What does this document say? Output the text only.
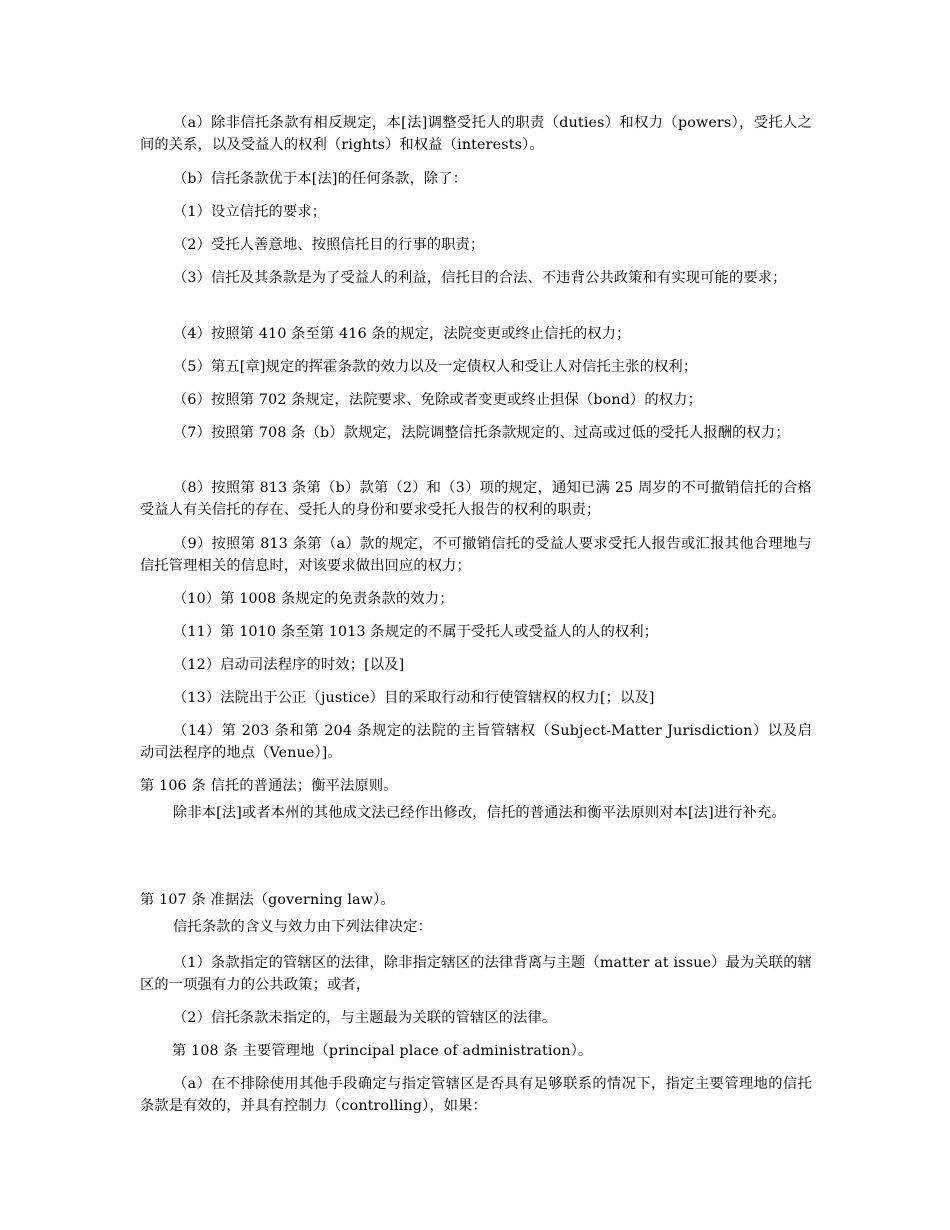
（a）除非信托条款有相反规定，本[法]调整受托人的职责（duties）和权力（powers），受托人之间的关系，以及受益人的权利（rights）和权益（interests）。

（b）信托条款优于本[法]的任何条款，除了：

（1）设立信托的要求；

（2）受托人善意地、按照信托目的行事的职责；

（3）信托及其条款是为了受益人的利益，信托目的合法、不违背公共政策和有实现可能的要求；

（4）按照第 410 条至第 416 条的规定，法院变更或终止信托的权力；

（5）第五[章]规定的挥霍条款的效力以及一定债权人和受让人对信托主张的权利；

（6）按照第 702 条规定，法院要求、免除或者变更或终止担保（bond）的权力；

（7）按照第 708 条（b）款规定，法院调整信托条款规定的、过高或过低的受托人报酬的权力；

（8）按照第 813 条第（b）款第（2）和（3）项的规定，通知已满 25 周岁的不可撤销信托的合格受益人有关信托的存在、受托人的身份和要求受托人报告的权利的职责；

（9）按照第 813 条第（a）款的规定，不可撤销信托的受益人要求受托人报告或汇报其他合理地与信托管理相关的信息时，对该要求做出回应的权力；

（10）第 1008 条规定的免责条款的效力；

（11）第 1010 条至第 1013 条规定的不属于受托人或受益人的人的权利；

（12）启动司法程序的时效；[以及]

（13）法院出于公正（justice）目的采取行动和行使管辖权的权力[；以及]

（14）第 203 条和第 204 条规定的法院的主旨管辖权（Subject-Matter Jurisdiction）以及启动司法程序的地点（Venue）]。

第 106 条 信托的普通法；衡平法原则。

除非本[法]或者本州的其他成文法已经作出修改，信托的普通法和衡平法原则对本[法]进行补充。

第 107 条 准据法（governing law）。

信托条款的含义与效力由下列法律决定：

（1）条款指定的管辖区的法律，除非指定辖区的法律背离与主题（matter at issue）最为关联的辖区的一项强有力的公共政策；或者，

（2）信托条款未指定的，与主题最为关联的管辖区的法律。

第 108 条 主要管理地（principal place of administration）。

（a）在不排除使用其他手段确定与指定管辖区是否具有足够联系的情况下，指定主要管理地的信托条款是有效的，并具有控制力（controlling），如果：
